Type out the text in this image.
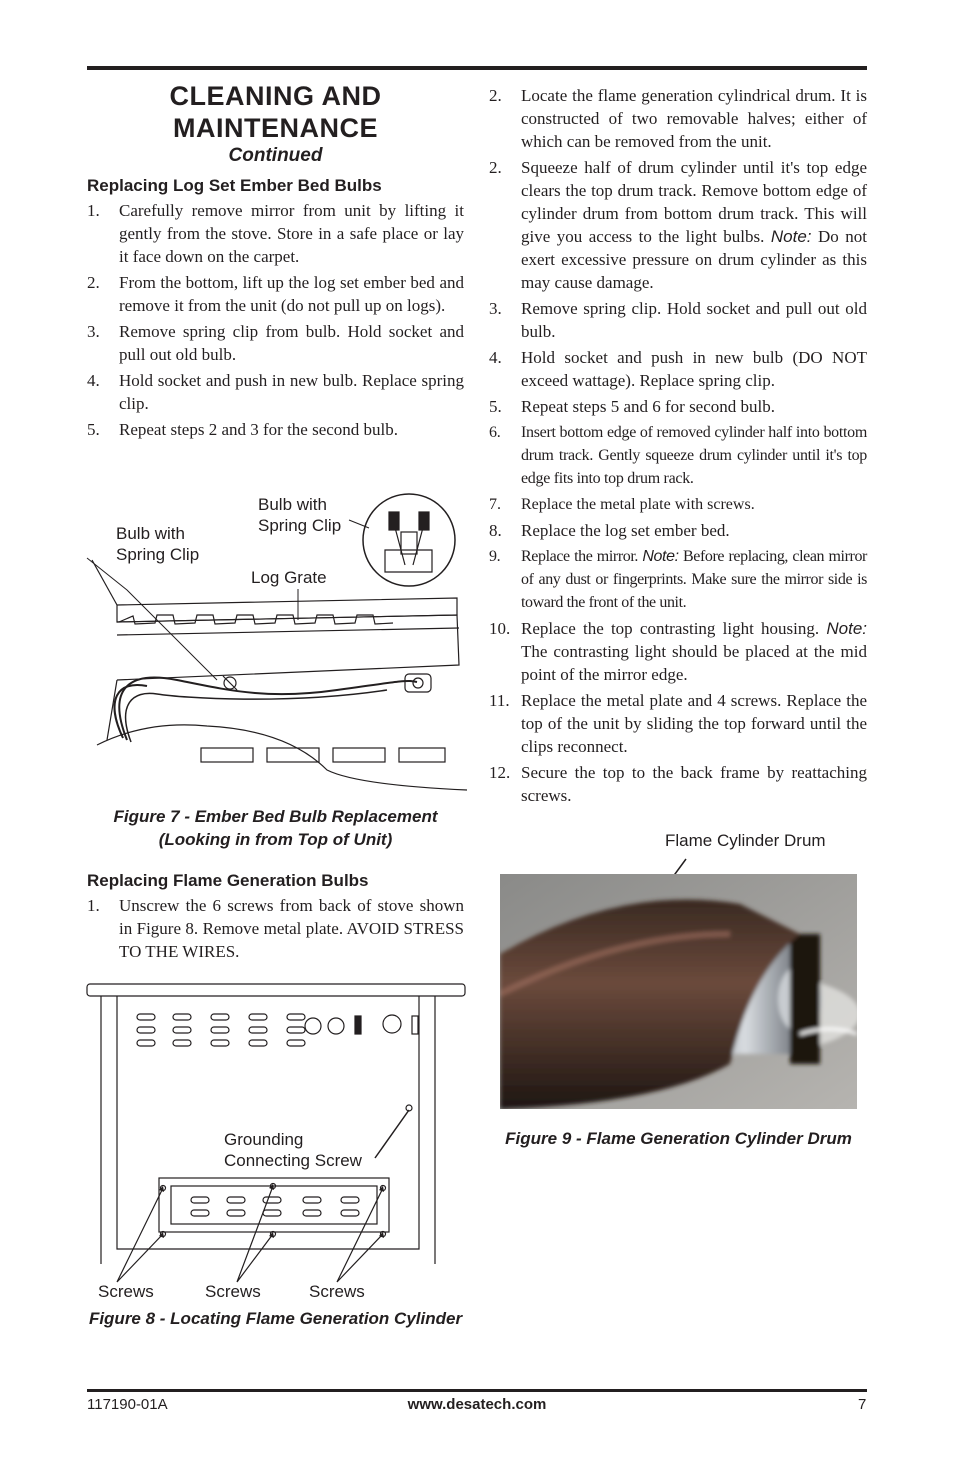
CLEANING AND MAINTENANCE
Continued
Replacing Log Set Ember Bed Bulbs
1. Carefully remove mirror from unit by lifting it gently from the stove. Store in a safe place or lay it face down on the carpet.
2. From the bottom, lift up the log set ember bed and remove it from the unit (do not pull up on logs).
3. Remove spring clip from bulb. Hold socket and pull out old bulb.
4. Hold socket and push in new bulb. Replace spring clip.
5. Repeat steps 2 and 3 for the second bulb.
Bulb with Spring Clip
Bulb with Spring Clip
Log Grate
Figure 7 - Ember Bed Bulb Replacement (Looking in from Top of Unit)
Replacing Flame Generation Bulbs
1. Unscrew the 6 screws from back of stove shown in Figure 8. Remove metal plate. AVOID STRESS TO THE WIRES.
Grounding Connecting Screw
Screws	Screws	Screws
Figure 8 - Locating Flame Generation Cylinder
2. Locate the flame generation cylindrical drum. It is constructed of two removable halves; either of which can be removed from the unit.
2. Squeeze half of drum cylinder until it's top edge clears the top drum track. Remove bottom edge of cylinder drum from bottom drum track. This will give you access to the light bulbs. Note: Do not exert excessive pressure on drum cylinder as this may cause damage.
3. Remove spring clip. Hold socket and pull out old bulb.
4. Hold socket and push in new bulb (DO NOT exceed wattage). Replace spring clip.
5. Repeat steps 5 and 6 for second bulb.
6. Insert bottom edge of removed cylinder half into bottom drum track. Gently squeeze drum cylinder until it's top edge fits into top drum rack.
7. Replace the metal plate with screws.
8. Replace the log set ember bed.
9. Replace the mirror. Note: Before replacing, clean mirror of any dust or fingerprints. Make sure the mirror side is toward the front of the unit.
10. Replace the top contrasting light housing. Note: The contrasting light should be placed at the mid point of the mirror edge.
11. Replace the metal plate and 4 screws. Replace the top of the unit by sliding the top forward until the clips reconnect.
12. Secure the top to the back frame by reattaching screws.
Flame Cylinder Drum
Figure 9 - Flame Generation Cylinder Drum
117190-01A	www.desatech.com	7
